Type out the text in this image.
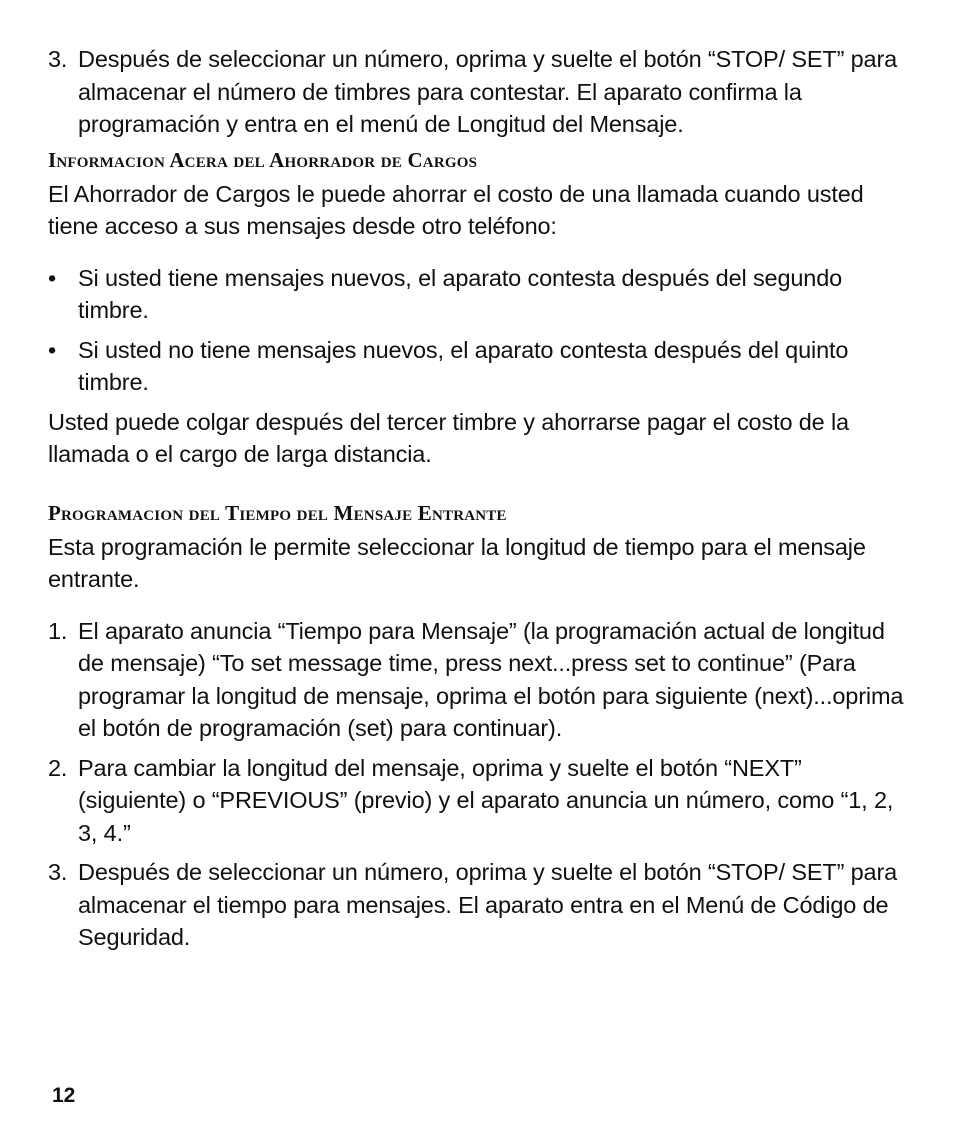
3. Después de seleccionar un número, oprima y suelte el botón “STOP/ SET” para almacenar el número de timbres para contestar. El aparato confirma la programación y entra en el menú de Longitud del Mensaje.
Informacion Acera del Ahorrador de Cargos

El Ahorrador de Cargos le puede ahorrar el costo de una llamada cuando usted tiene acceso a sus mensajes desde otro teléfono:

• Si usted tiene mensajes nuevos, el aparato contesta después del segundo timbre.
• Si usted no tiene mensajes nuevos, el aparato contesta después del quinto timbre.

Usted puede colgar después del tercer timbre y ahorrarse pagar el costo de la llamada o el cargo de larga distancia.

Programacion del Tiempo del Mensaje Entrante

Esta programación le permite seleccionar la longitud de tiempo para el mensaje entrante.

1. El aparato anuncia “Tiempo para Mensaje” (la programación actual de longitud de mensaje) “To set message time, press next...press set to continue” (Para programar la longitud de mensaje, oprima el botón para siguiente (next)...oprima el botón de programación (set) para continuar).
2. Para cambiar la longitud del mensaje, oprima y suelte el botón “NEXT” (siguiente) o “PREVIOUS” (previo) y el aparato anuncia un número, como “1, 2, 3, 4.”
3. Después de seleccionar un número, oprima y suelte el botón “STOP/ SET” para almacenar el tiempo para mensajes. El aparato entra en el Menú de Código de Seguridad.
12
